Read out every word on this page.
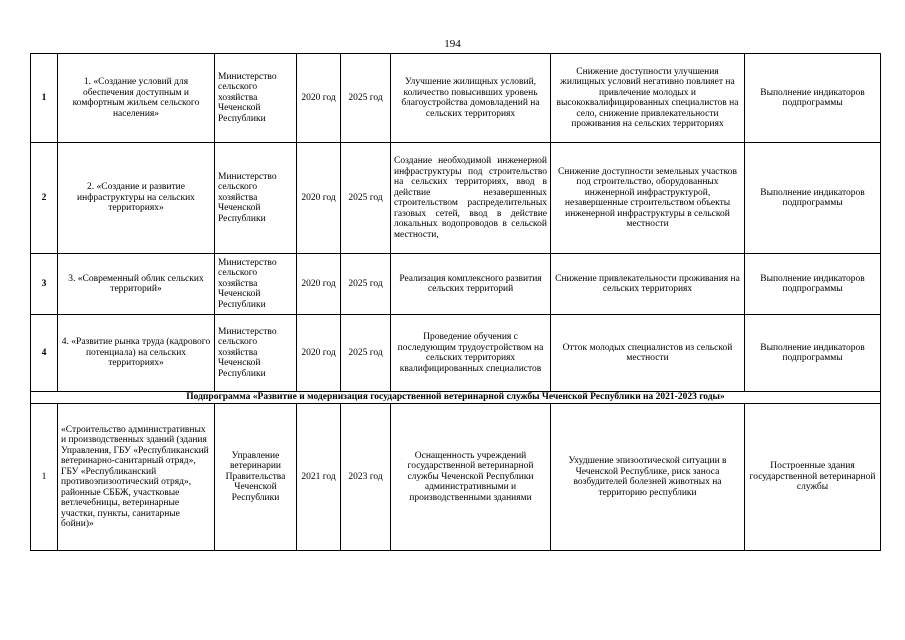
194
1	1. «Создание условий для обеспечения доступным и комфортным жильем сельского населения»	Министерство сельского хозяйства Чеченской Республики	2020 год	2025 год	Улучшение жилищных условий, количество повысивших уровень благоустройства домовладений на сельских территориях	Снижение доступности улучшения жилищных условий негативно повлияет на привлечение молодых и высококвалифицированных специалистов на село, снижение привлекательности проживания на сельских территориях	Выполнение индикаторов подпрограммы
2	2. «Создание и развитие инфраструктуры на сельских территориях»	Министерство сельского хозяйства Чеченской Республики	2020 год	2025 год	Создание необходимой инженерной инфраструктуры под строительство на сельских территориях, ввод в действие незавершенных строительством распределительных газовых сетей, ввод в действие локальных водопроводов в сельской местности,	Снижение доступности земельных участков под строительство, оборудованных инженерной инфраструктурой, незавершенные строительством объекты инженерной инфраструктуры в сельской местности	Выполнение индикаторов подпрограммы
3	3. «Современный облик сельских территорий»	Министерство сельского хозяйства Чеченской Республики	2020 год	2025 год	Реализация комплексного развития сельских территорий	Снижение привлекательности проживания на сельских территориях	Выполнение индикаторов подпрограммы
4	4. «Развитие рынка труда (кадрового потенциала) на сельских территориях»	Министерство сельского хозяйства Чеченской Республики	2020 год	2025 год	Проведение обучения с последующим трудоустройством на сельских территориях квалифицированных специалистов	Отток молодых специалистов из сельской местности	Выполнение индикаторов подпрограммы
Подпрограмма «Развитие и модернизация государственной ветеринарной службы Чеченской Республики на 2021-2023 годы»							
1	«Строительство административных и производственных зданий (здания Управления, ГБУ «Республиканский ветеринарно-санитарный отряд», ГБУ «Республиканский противоэпизоотический отряд», районные СББЖ, участковые ветлечебницы, ветеринарные участки, пункты, санитарные бойни)»	Управление ветеринарии Правительства Чеченской Республики	2021 год	2023 год	Оснащенность учреждений государственной ветеринарной службы Чеченской Республики административными и производственными зданиями	Ухудшение эпизоотической ситуации в Чеченской Республике, риск заноса возбудителей болезней животных на территорию республики	Построенные здания государственной ветеринарной службы
